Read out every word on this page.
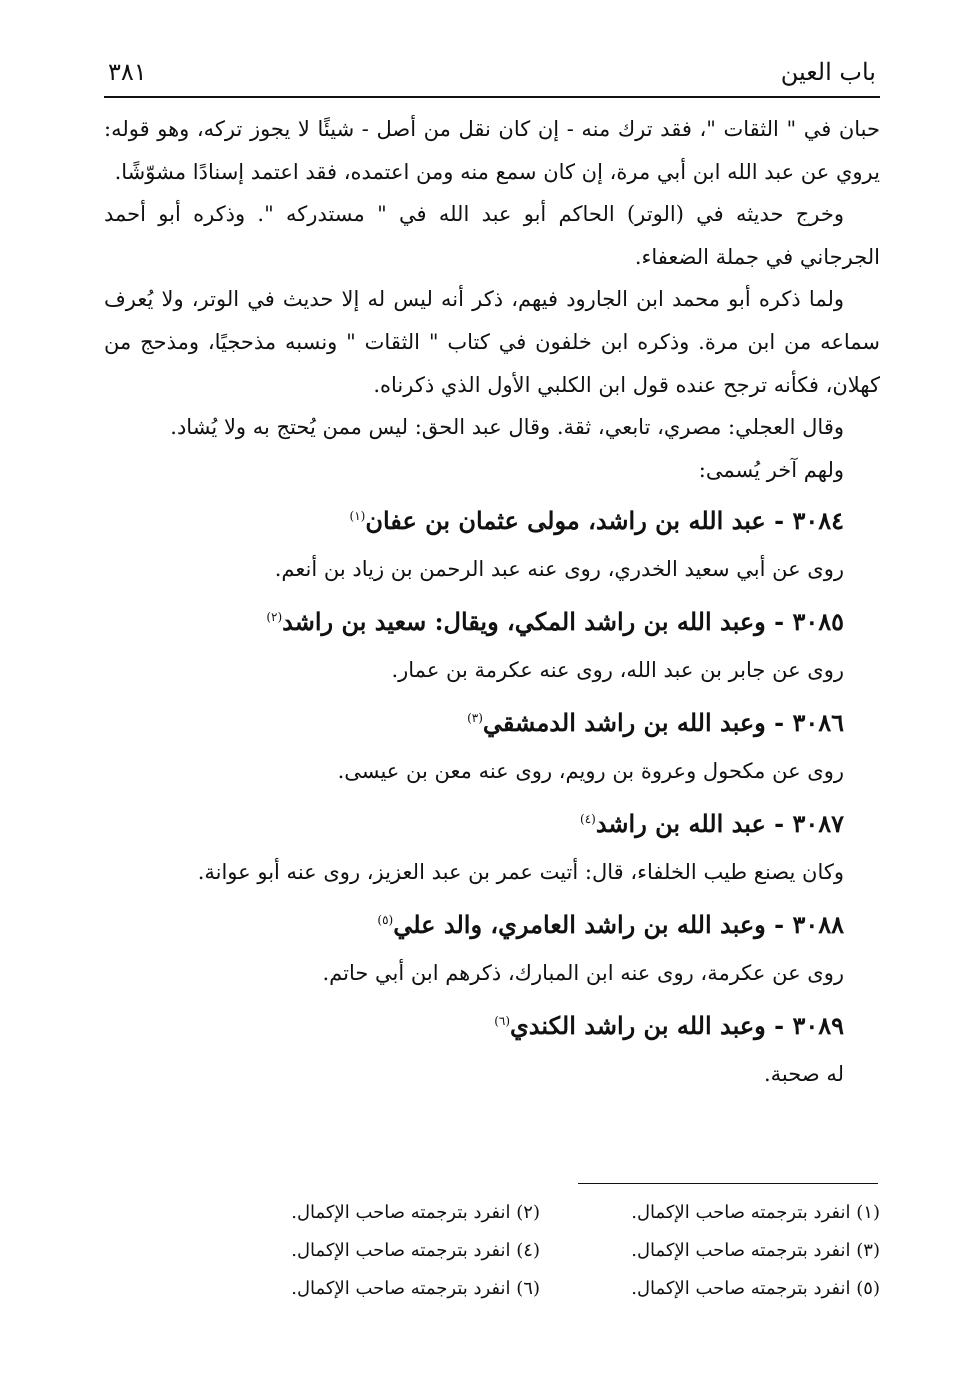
باب العين
٣٨١

حبان في " الثقات "، فقد ترك منه - إن كان نقل من أصل - شيئًا لا يجوز تركه، وهو قوله: يروي عن عبد الله ابن أبي مرة، إن كان سمع منه ومن اعتمده، فقد اعتمد إسنادًا مشوّشًا.

وخرج حديثه في (الوتر) الحاكم أبو عبد الله في " مستدركه ". وذكره أبو أحمد الجرجاني في جملة الضعفاء.

ولما ذكره أبو محمد ابن الجارود فيهم، ذكر أنه ليس له إلا حديث في الوتر، ولا يُعرف سماعه من ابن مرة. وذكره ابن خلفون في كتاب " الثقات " ونسبه مذحجيًا، ومذحج من كهلان، فكأنه ترجح عنده قول ابن الكلبي الأول الذي ذكرناه.

وقال العجلي: مصري، تابعي، ثقة. وقال عبد الحق: ليس ممن يُحتج به ولا يُشاد.

ولهم آخر يُسمى:

٣٠٨٤ - عبد الله بن راشد، مولى عثمان بن عفان$^{(١)}$

روى عن أبي سعيد الخدري، روى عنه عبد الرحمن بن زياد بن أنعم.

٣٠٨٥ - وعبد الله بن راشد المكي، ويقال: سعيد بن راشد$^{(٢)}$

روى عن جابر بن عبد الله، روى عنه عكرمة بن عمار.

٣٠٨٦ - وعبد الله بن راشد الدمشقي$^{(٣)}$

روى عن مكحول وعروة بن رويم، روى عنه معن بن عيسى.

٣٠٨٧ - عبد الله بن راشد$^{(٤)}$

وكان يصنع طيب الخلفاء، قال: أتيت عمر بن عبد العزيز، روى عنه أبو عوانة.

٣٠٨٨ - وعبد الله بن راشد العامري، والد علي$^{(٥)}$

روى عن عكرمة، روى عنه ابن المبارك، ذكرهم ابن أبي حاتم.

٣٠٨٩ - وعبد الله بن راشد الكندي$^{(٦)}$

له صحبة.

(١) انفرد بترجمته صاحب الإكمال.
(٢) انفرد بترجمته صاحب الإكمال.
(٣) انفرد بترجمته صاحب الإكمال.
(٤) انفرد بترجمته صاحب الإكمال.
(٥) انفرد بترجمته صاحب الإكمال.
(٦) انفرد بترجمته صاحب الإكمال.
